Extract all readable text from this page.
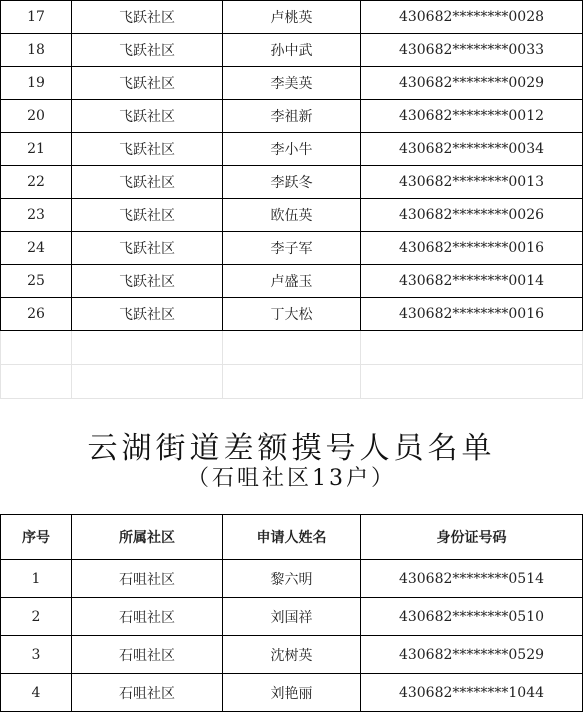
17	飞跃社区	卢桃英	430682********0028
18	飞跃社区	孙中武	430682********0033
19	飞跃社区	李美英	430682********0029
20	飞跃社区	李祖新	430682********0012
21	飞跃社区	李小牛	430682********0034
22	飞跃社区	李跃冬	430682********0013
23	飞跃社区	欧伍英	430682********0026
24	飞跃社区	李子军	430682********0016
25	飞跃社区	卢盛玉	430682********0014
26	飞跃社区	丁大松	430682********0016

云湖街道差额摸号人员名单
（石咀社区13户）
序号	所属社区	申请人姓名	身份证号码
1	石咀社区	黎六明	430682********0514
2	石咀社区	刘国祥	430682********0510
3	石咀社区	沈树英	430682********0529
4	石咀社区	刘艳丽	430682********1044
